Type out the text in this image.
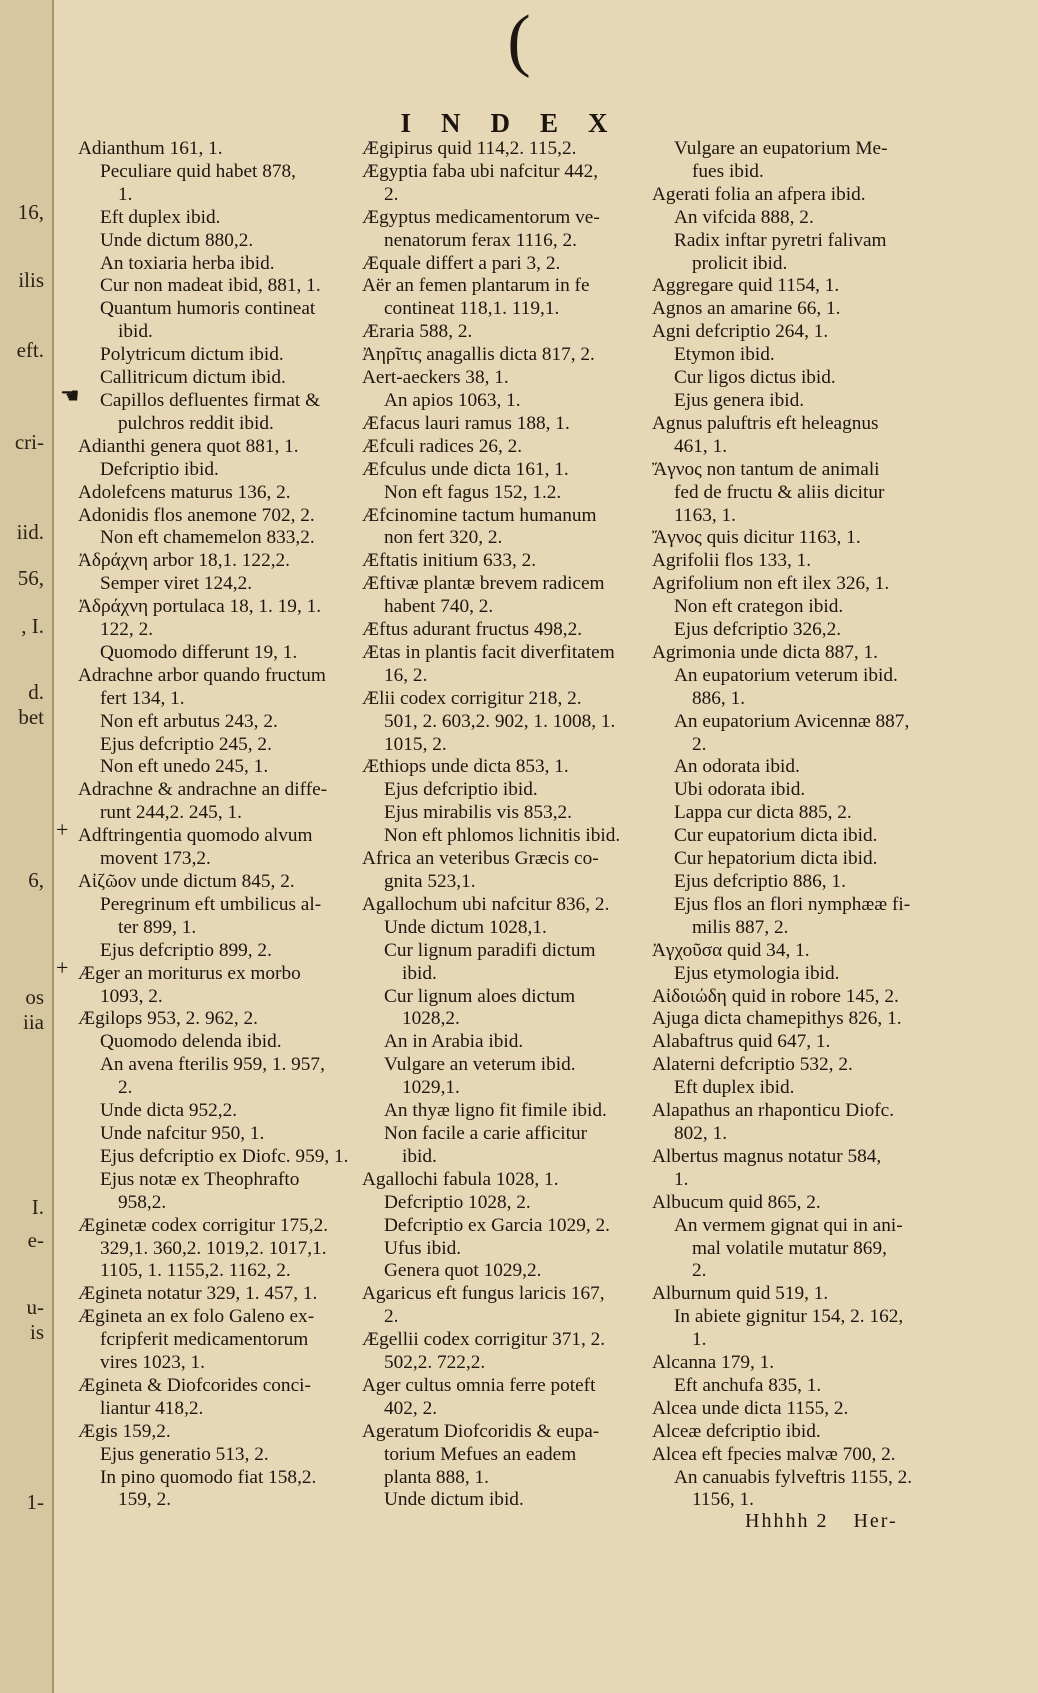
16,
ilis
eft.
cri-
iid.
56,
, I.
d.
bet
6,
os
iia
I.
e-
u-
is
1-
(
INDEX
Adianthum 161, 1.
Peculiare quid habet 878,
1.
Eft duplex ibid.
Unde dictum 880,2.
An toxiaria herba ibid.
Cur non madeat ibid, 881, 1.
Quantum humoris contineat
ibid.
Polytricum dictum ibid.
Callitricum dictum ibid.
Capillos defluentes firmat &
pulchros reddit ibid.
Adianthi genera quot 881, 1.
Defcriptio ibid.
Adolefcens maturus 136, 2.
Adonidis flos anemone 702, 2.
Non eft chamemelon 833,2.
Ἀδράχνη arbor 18,1. 122,2.
Semper viret 124,2.
Ἀδράχνη portulaca 18, 1. 19, 1.
122, 2.
Quomodo differunt 19, 1.
Adrachne arbor quando fructum
fert 134, 1.
Non eft arbutus 243, 2.
Ejus defcriptio 245, 2.
Non eft unedo 245, 1.
Adrachne & andrachne an diffe-
runt 244,2. 245, 1.
Adftringentia quomodo alvum
movent 173,2.
Αἰζῶον unde dictum 845, 2.
Peregrinum eft umbilicus al-
ter 899, 1.
Ejus defcriptio 899, 2.
Æger an moriturus ex morbo
1093, 2.
Ægilops 953, 2. 962, 2.
Quomodo delenda ibid.
An avena fterilis 959, 1. 957,
2.
Unde dicta 952,2.
Unde nafcitur 950, 1.
Ejus defcriptio ex Diofc. 959, 1.
Ejus notæ ex Theophrafto
958,2.
Æginetæ codex corrigitur 175,2.
329,1. 360,2. 1019,2. 1017,1.
1105, 1. 1155,2. 1162, 2.
Ægineta notatur 329, 1. 457, 1.
Ægineta an ex folo Galeno ex-
fcripferit medicamentorum
vires 1023, 1.
Ægineta & Diofcorides conci-
liantur 418,2.
Ægis 159,2.
Ejus generatio 513, 2.
In pino quomodo fiat 158,2.
159, 2.
Ægipirus quid 114,2. 115,2.
Ægyptia faba ubi nafcitur 442,
2.
Ægyptus medicamentorum ve-
nenatorum ferax 1116, 2.
Æquale differt a pari 3, 2.
Aër an femen plantarum in fe
contineat 118,1. 119,1.
Æraria 588, 2.
Ἀηρῖτις anagallis dicta 817, 2.
Aert-aeckers 38, 1.
An apios 1063, 1.
Æfacus lauri ramus 188, 1.
Æfculi radices 26, 2.
Æfculus unde dicta 161, 1.
Non eft fagus 152, 1.2.
Æfcinomine tactum humanum
non fert 320, 2.
Æftatis initium 633, 2.
Æftivæ plantæ brevem radicem
habent 740, 2.
Æftus adurant fructus 498,2.
Ætas in plantis facit diverfitatem
16, 2.
Ælii codex corrigitur 218, 2.
501, 2. 603,2. 902, 1. 1008, 1.
1015, 2.
Æthiops unde dicta 853, 1.
Ejus defcriptio ibid.
Ejus mirabilis vis 853,2.
Non eft phlomos lichnitis ibid.
Africa an veteribus Græcis co-
gnita 523,1.
Agallochum ubi nafcitur 836, 2.
Unde dictum 1028,1.
Cur lignum paradifi dictum
ibid.
Cur lignum aloes dictum
1028,2.
An in Arabia ibid.
Vulgare an veterum ibid.
1029,1.
An thyæ ligno fit fimile ibid.
Non facile a carie afficitur
ibid.
Agallochi fabula 1028, 1.
Defcriptio 1028, 2.
Defcriptio ex Garcia 1029, 2.
Ufus ibid.
Genera quot 1029,2.
Agaricus eft fungus laricis 167,
2.
Ægellii codex corrigitur 371, 2.
502,2. 722,2.
Ager cultus omnia ferre poteft
402, 2.
Ageratum Diofcoridis & eupa-
torium Mefues an eadem
planta 888, 1.
Unde dictum ibid.
Vulgare an eupatorium Me-
fues ibid.
Agerati folia an afpera ibid.
An vifcida 888, 2.
Radix inftar pyretri falivam
prolicit ibid.
Aggregare quid 1154, 1.
Agnos an amarine 66, 1.
Agni defcriptio 264, 1.
Etymon ibid.
Cur ligos dictus ibid.
Ejus genera ibid.
Agnus paluftris eft heleagnus
461, 1.
Ἄγνος non tantum de animali
fed de fructu & aliis dicitur
1163, 1.
Ἄγνος quis dicitur 1163, 1.
Agrifolii flos 133, 1.
Agrifolium non eft ilex 326, 1.
Non eft crategon ibid.
Ejus defcriptio 326,2.
Agrimonia unde dicta 887, 1.
An eupatorium veterum ibid.
886, 1.
An eupatorium Avicennæ 887,
2.
An odorata ibid.
Ubi odorata ibid.
Lappa cur dicta 885, 2.
Cur eupatorium dicta ibid.
Cur hepatorium dicta ibid.
Ejus defcriptio 886, 1.
Ejus flos an flori nymphææ fi-
milis 887, 2.
Ἀγχοῦσα quid 34, 1.
Ejus etymologia ibid.
Αἰδοιώδη quid in robore 145, 2.
Ajuga dicta chamepithys 826, 1.
Alabaftrus quid 647, 1.
Alaterni defcriptio 532, 2.
Eft duplex ibid.
Alapathus an rhaponticu Diofc.
802, 1.
Albertus magnus notatur 584,
1.
Albucum quid 865, 2.
An vermem gignat qui in ani-
mal volatile mutatur 869,
2.
Alburnum quid 519, 1.
In abiete gignitur 154, 2. 162,
1.
Alcanna 179, 1.
Eft anchufa 835, 1.
Alcea unde dicta 1155, 2.
Alceæ defcriptio ibid.
Alcea eft fpecies malvæ 700, 2.
An canuabis fylveftris 1155, 2.
1156, 1.
☚
+
+
Hhhhh 2 Her-
